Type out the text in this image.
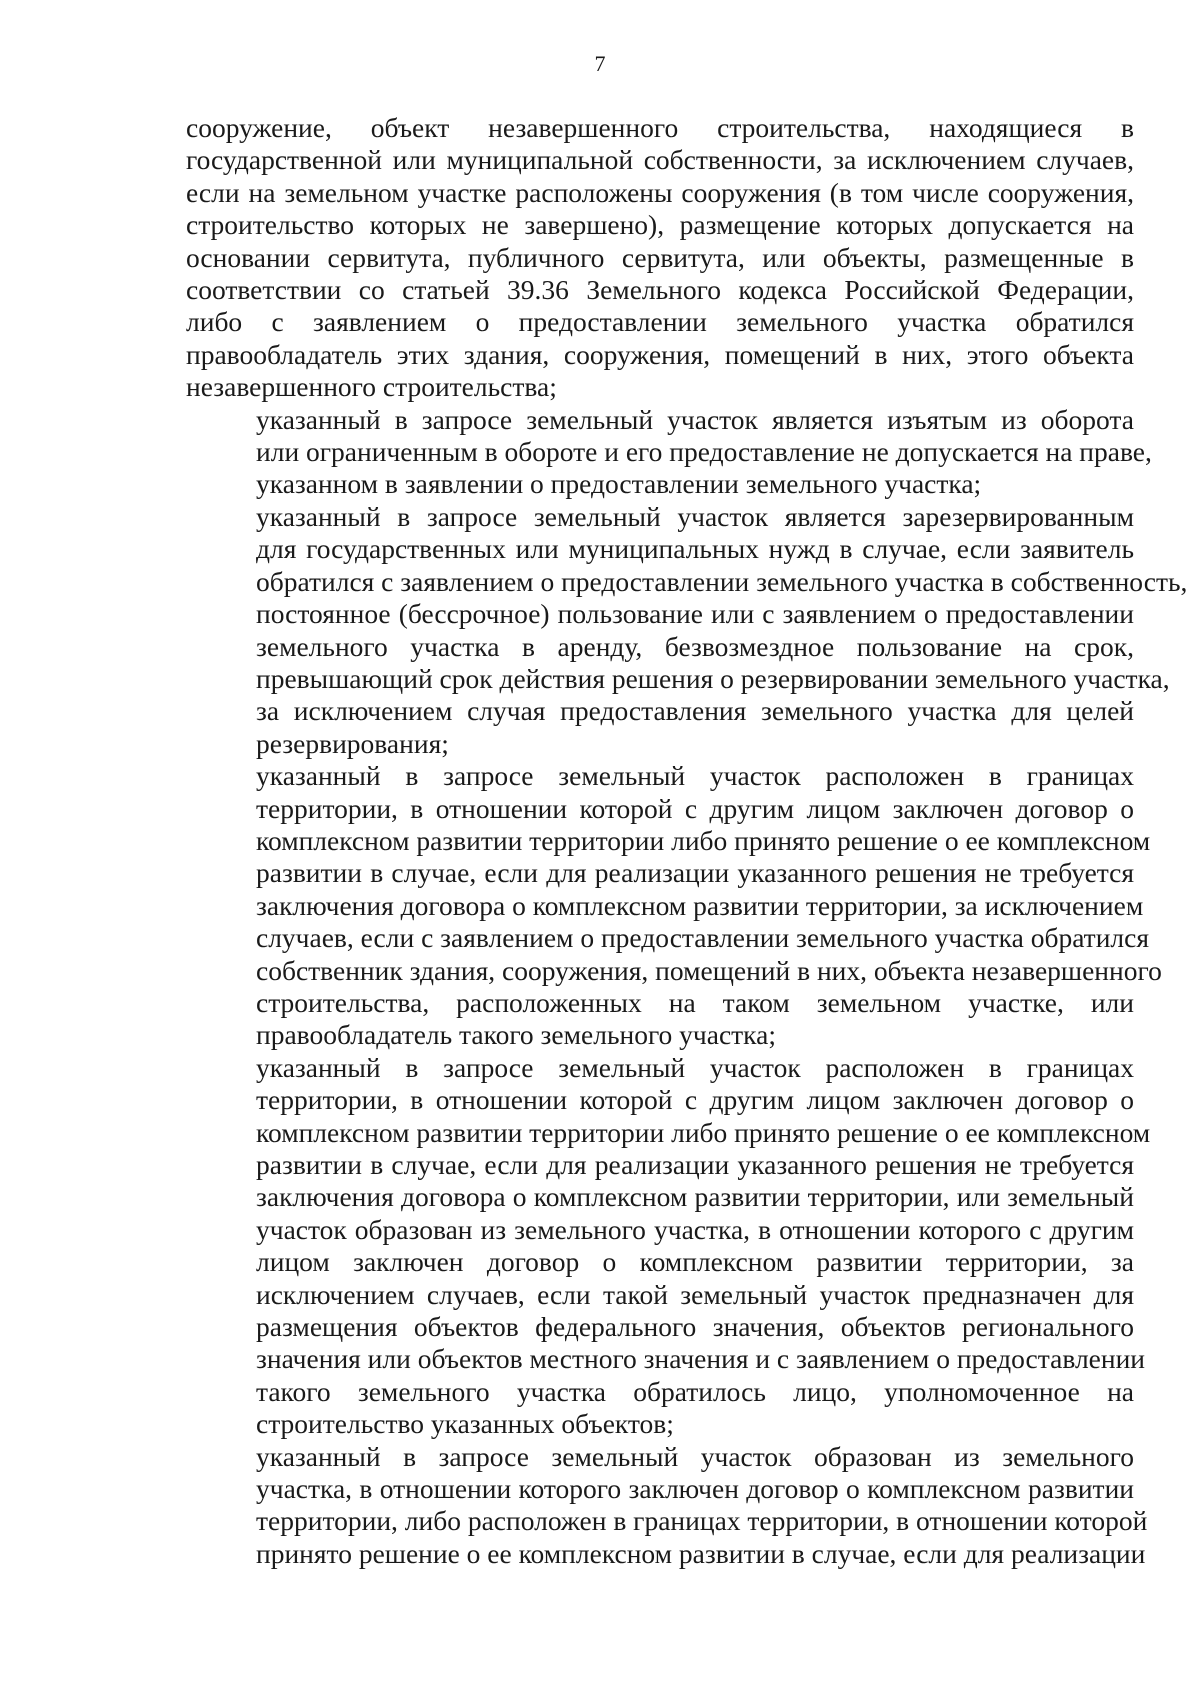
7

сооружение, объект незавершенного строительства, находящиеся в
государственной или муниципальной собственности, за исключением случаев,
если на земельном участке расположены сооружения (в том числе сооружения,
строительство которых не завершено), размещение которых допускается на
основании сервитута, публичного сервитута, или объекты, размещенные в
соответствии со статьей 39.36 Земельного кодекса Российской Федерации,
либо с заявлением о предоставлении земельного участка обратился
правообладатель этих здания, сооружения, помещений в них, этого объекта
незавершенного строительства;

указанный в запросе земельный участок является изъятым из оборота
или ограниченным в обороте и его предоставление не допускается на праве,
указанном в заявлении о предоставлении земельного участка;

указанный в запросе земельный участок является зарезервированным
для государственных или муниципальных нужд в случае, если заявитель
обратился с заявлением о предоставлении земельного участка в собственность,
постоянное (бессрочное) пользование или с заявлением о предоставлении
земельного участка в аренду, безвозмездное пользование на срок,
превышающий срок действия решения о резервировании земельного участка,
за исключением случая предоставления земельного участка для целей
резервирования;

указанный в запросе земельный участок расположен в границах
территории, в отношении которой с другим лицом заключен договор о
комплексном развитии территории либо принято решение о ее комплексном
развитии в случае, если для реализации указанного решения не требуется
заключения договора о комплексном развитии территории, за исключением
случаев, если с заявлением о предоставлении земельного участка обратился
собственник здания, сооружения, помещений в них, объекта незавершенного
строительства, расположенных на таком земельном участке, или
правообладатель такого земельного участка;

указанный в запросе земельный участок расположен в границах
территории, в отношении которой с другим лицом заключен договор о
комплексном развитии территории либо принято решение о ее комплексном
развитии в случае, если для реализации указанного решения не требуется
заключения договора о комплексном развитии территории, или земельный
участок образован из земельного участка, в отношении которого с другим
лицом заключен договор о комплексном развитии территории, за
исключением случаев, если такой земельный участок предназначен для
размещения объектов федерального значения, объектов регионального
значения или объектов местного значения и с заявлением о предоставлении
такого земельного участка обратилось лицо, уполномоченное на
строительство указанных объектов;

указанный в запросе земельный участок образован из земельного
участка, в отношении которого заключен договор о комплексном развитии
территории, либо расположен в границах территории, в отношении которой
принято решение о ее комплексном развитии в случае, если для реализации
